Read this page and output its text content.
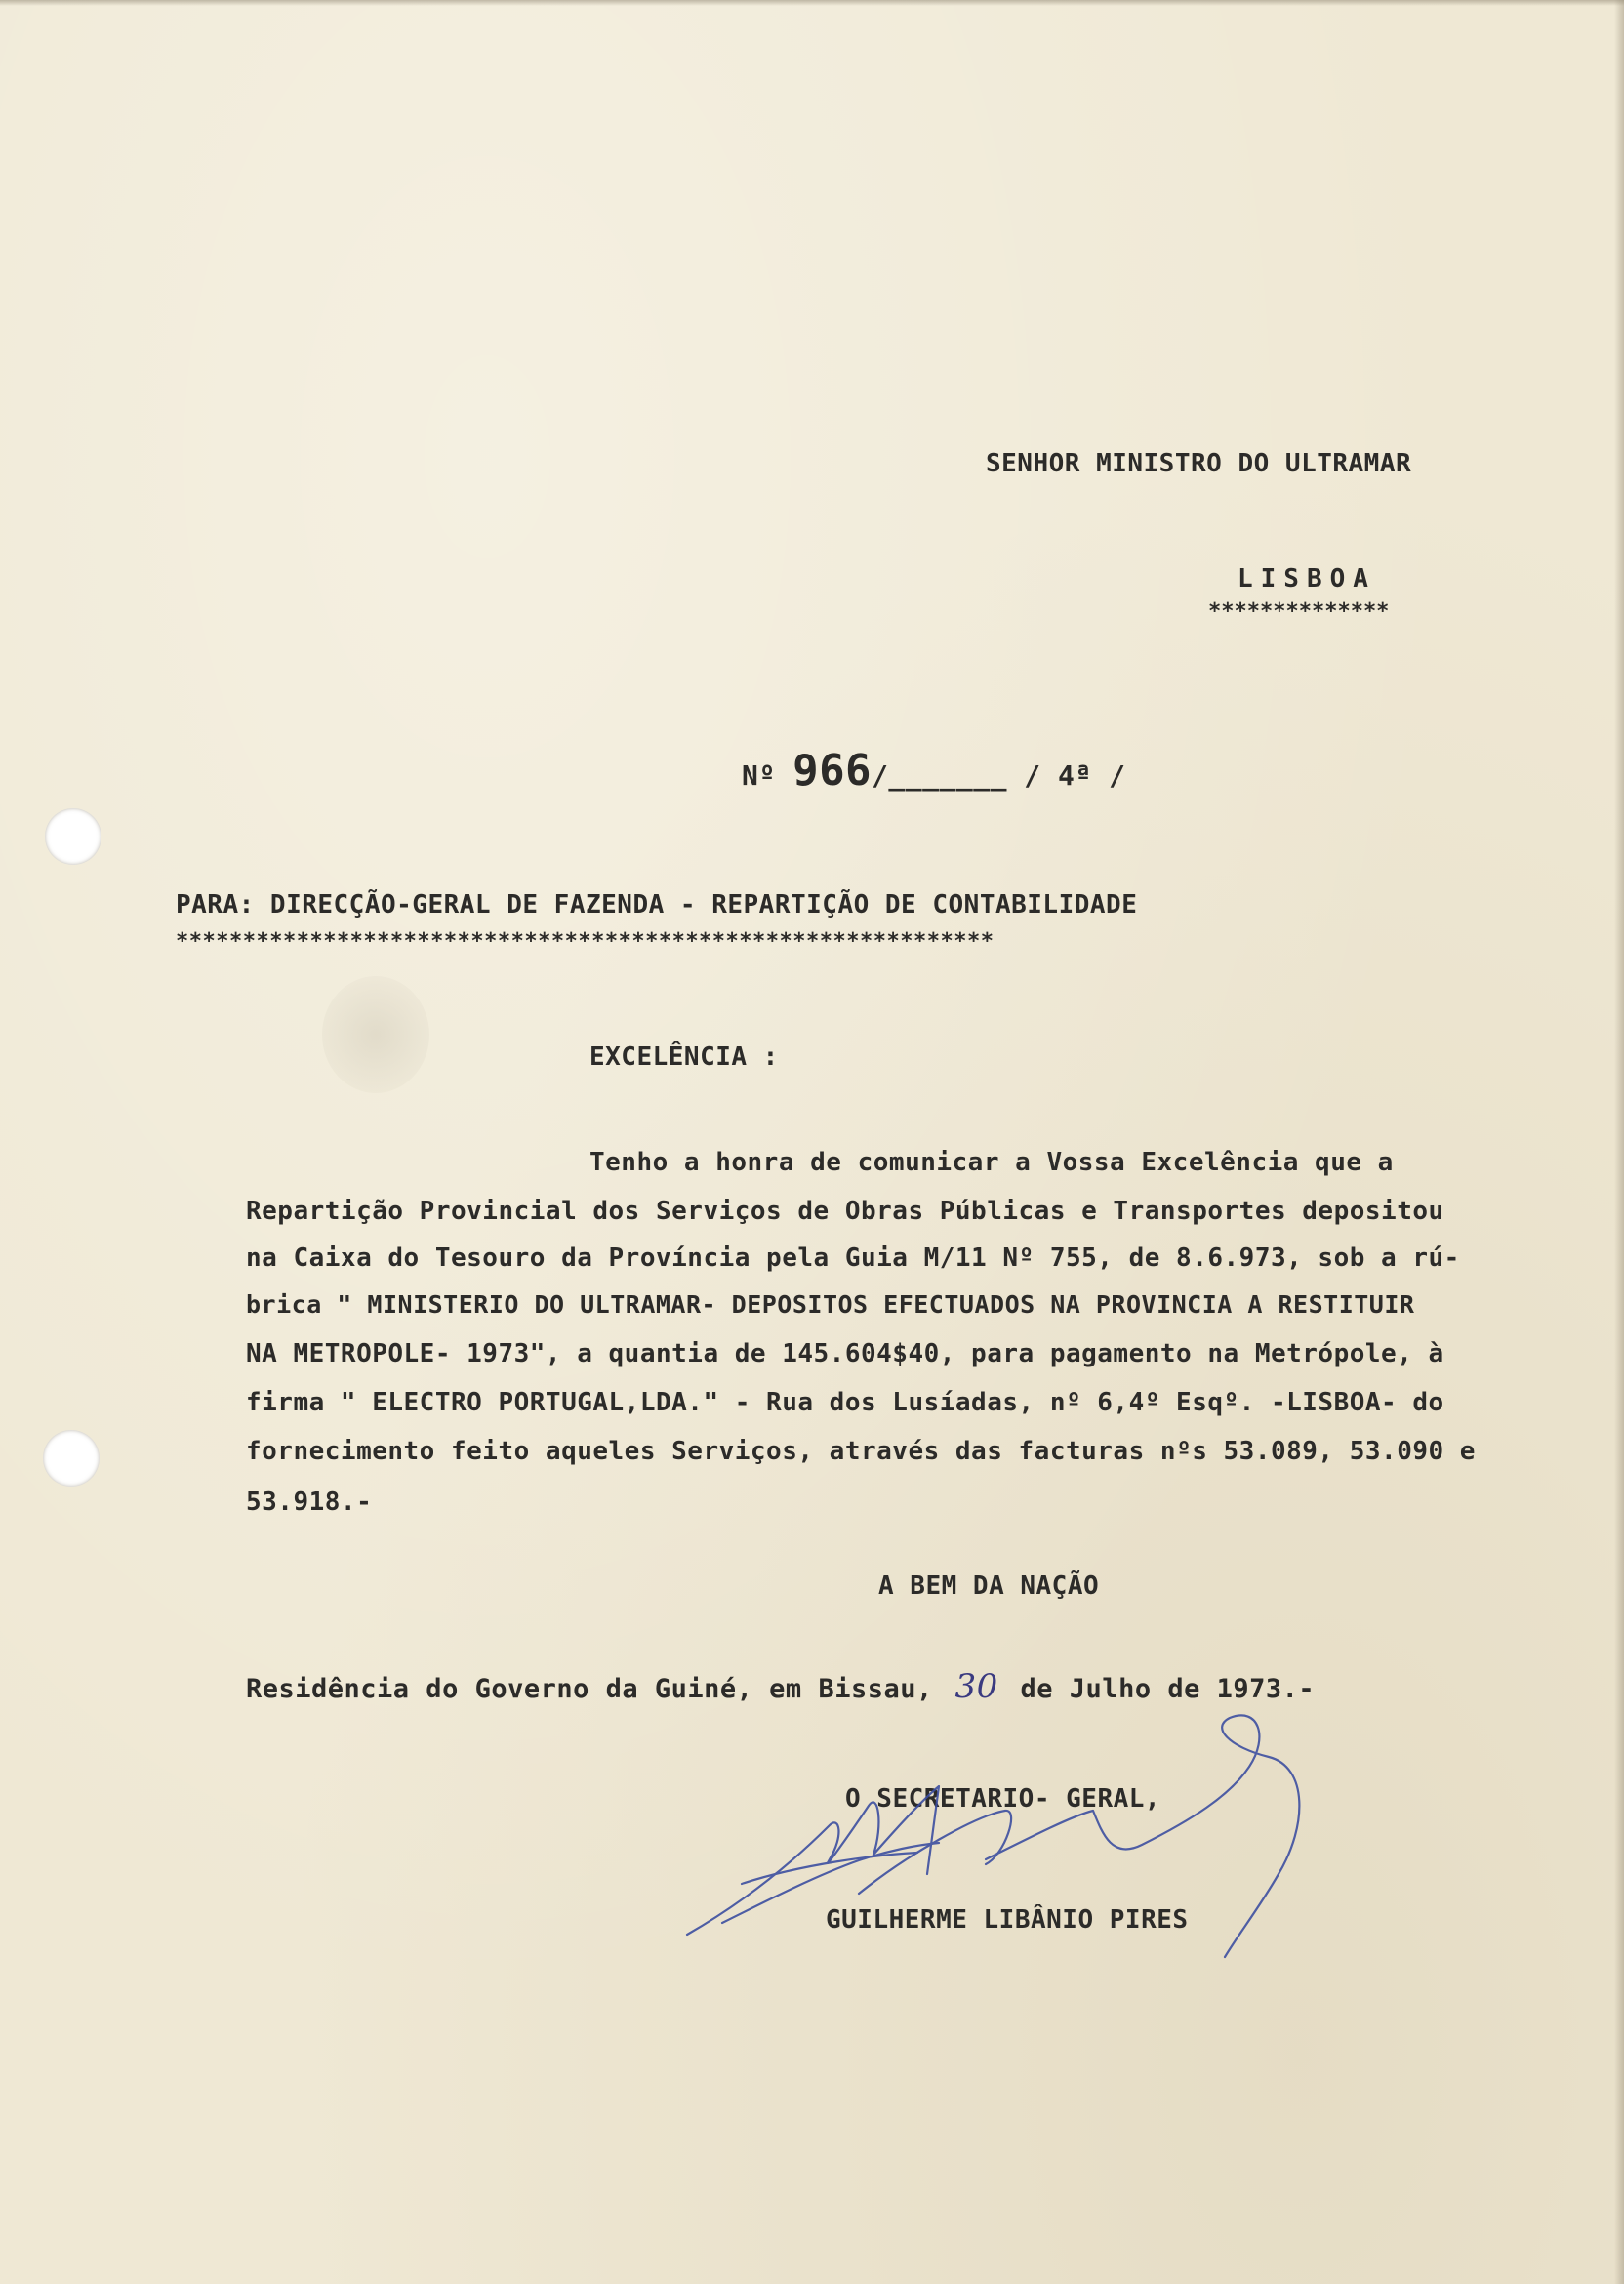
SENHOR MINISTRO DO ULTRAMAR

LISBOA

**************

Nº 966/_______ / 4ª /

PARA: DIRECÇÃO-GERAL DE FAZENDA - REPARTIÇÃO DE CONTABILIDADE

*************************************************************

EXCELÊNCIA :

Tenho a honra de comunicar a Vossa Excelência que a

Repartição Provincial dos Serviços de Obras Públicas e Transportes depositou

na Caixa do Tesouro da Província pela Guia M/11 Nº 755, de 8.6.973, sob a rú-

brica " MINISTERIO DO ULTRAMAR- DEPOSITOS EFECTUADOS NA PROVINCIA A RESTITUIR

NA METROPOLE- 1973", a quantia de 145.604$40, para pagamento na Metrópole, à

firma " ELECTRO PORTUGAL,LDA." - Rua dos Lusíadas, nº 6,4º Esqº. -LISBOA- do

fornecimento feito aqueles Serviços, através das facturas nºs 53.089, 53.090 e

53.918.-

A BEM DA NAÇÃO

Residência do Governo da Guiné, em Bissau, 30 de Julho de 1973.-

O SECRETARIO- GERAL,

GUILHERME LIBÂNIO PIRES
